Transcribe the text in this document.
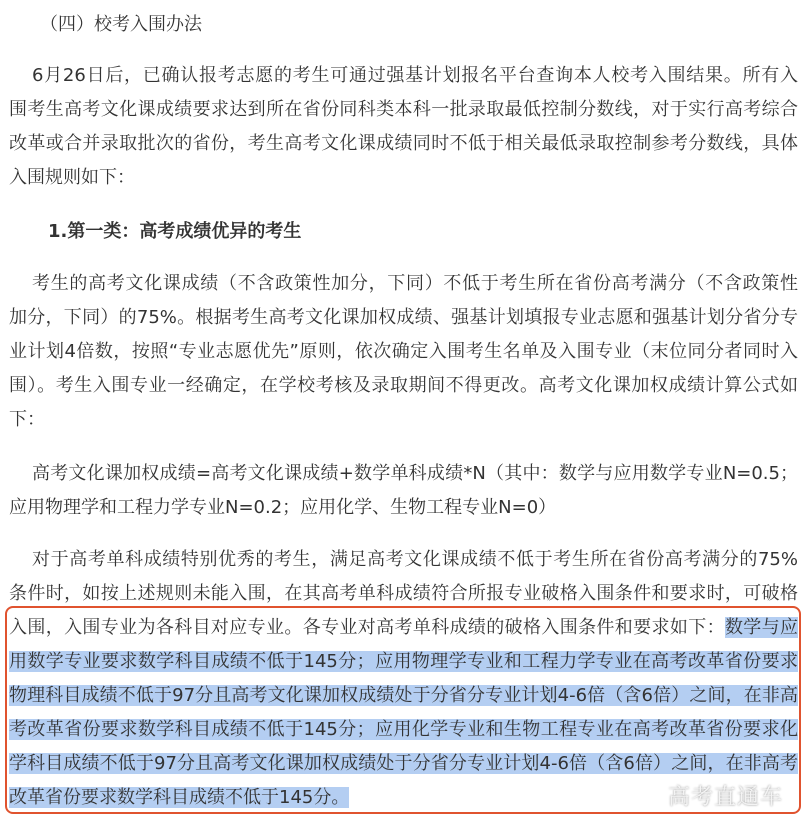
（四）校考入围办法
6月26日后，已确认报考志愿的考生可通过强基计划报名平台查询本人校考入围结果。所有入
围考生高考文化课成绩要求达到所在省份同科类本科一批录取最低控制分数线，对于实行高考综合
改革或合并录取批次的省份，考生高考文化课成绩同时不低于相关最低录取控制参考分数线，具体
入围规则如下：
1.第一类：高考成绩优异的考生
考生的高考文化课成绩（不含政策性加分，下同）不低于考生所在省份高考满分（不含政策性
加分，下同）的75%。根据考生高考文化课加权成绩、强基计划填报专业志愿和强基计划分省分专
业计划4倍数，按照“专业志愿优先”原则，依次确定入围考生名单及入围专业（末位同分者同时入
围）。考生入围专业一经确定，在学校考核及录取期间不得更改。高考文化课加权成绩计算公式如
下：
高考文化课加权成绩=高考文化课成绩+数学单科成绩*N（其中：数学与应用数学专业N=0.5；
应用物理学和工程力学专业N=0.2；应用化学、生物工程专业N=0）
对于高考单科成绩特别优秀的考生，满足高考文化课成绩不低于考生所在省份高考满分的75%
条件时，如按上述规则未能入围，在其高考单科成绩符合所报专业破格入围条件和要求时，可破格
入围，入围专业为各科目对应专业。各专业对高考单科成绩的破格入围条件和要求如下：数学与应
用数学专业要求数学科目成绩不低于145分；应用物理学专业和工程力学专业在高考改革省份要求
物理科目成绩不低于97分且高考文化课加权成绩处于分省分专业计划4-6倍（含6倍）之间，在非高
考改革省份要求数学科目成绩不低于145分；应用化学专业和生物工程专业在高考改革省份要求化
学科目成绩不低于97分且高考文化课加权成绩处于分省分专业计划4-6倍（含6倍）之间，在非高考
改革省份要求数学科目成绩不低于145分。	高考直通车
